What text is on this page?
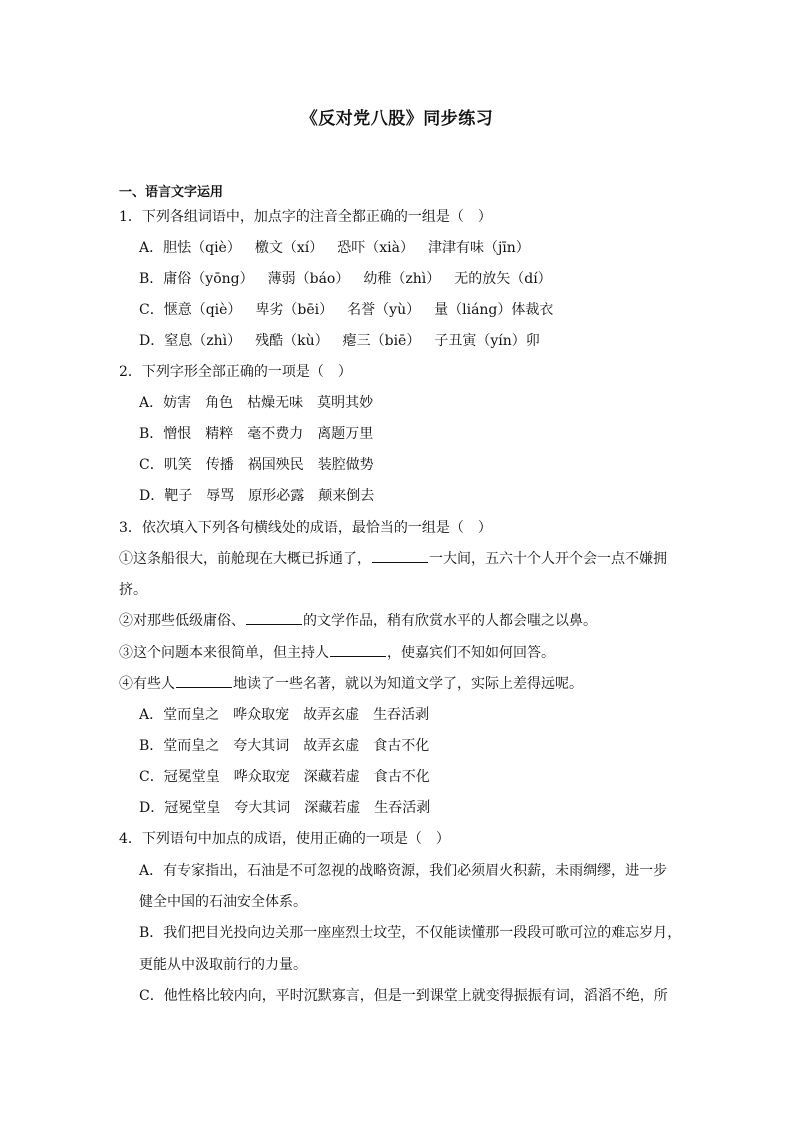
《反对党八股》同步练习
一、语言文字运用
1．下列各组词语中，加点字的注音全都正确的一组是（　）
A．胆怯（qiè） 檄文（xí） 恐吓（xià） 津津有味（jīn）
B．庸俗（yōng） 薄弱（báo） 幼稚（zhì） 无的放矢（dí）
C．惬意（qiè） 卑劣（bēi） 名誉（yù） 量（liáng）体裁衣
D．窒息（zhì） 残酷（kù） 瘪三（biē） 子丑寅（yín）卯
2．下列字形全部正确的一项是（　）
A．妨害 角色 枯燥无味 莫明其妙
B．憎恨 精粹 毫不费力 离题万里
C．叽笑 传播 祸国殃民 装腔做势
D．靶子 辱骂 原形必露 颠来倒去
3．依次填入下列各句横线处的成语，最恰当的一组是（　）
①这条船很大，前舱现在大概已拆通了，	一大间，五六十个人开个会一点不嫌拥
挤。
②对那些低级庸俗、	的文学作品，稍有欣赏水平的人都会嗤之以鼻。
③这个问题本来很简单，但主持人	，使嘉宾们不知如何回答。
④有些人	地读了一些名著，就以为知道文学了，实际上差得远呢。
A．堂而皇之 哗众取宠 故弄玄虚 生吞活剥
B．堂而皇之 夸大其词 故弄玄虚 食古不化
C．冠冕堂皇 哗众取宠 深藏若虚 食古不化
D．冠冕堂皇 夸大其词 深藏若虚 生吞活剥
4．下列语句中加点的成语，使用正确的一项是（　）
A．有专家指出，石油是不可忽视的战略资源，我们必须眉火积薪，未雨绸缪，进一步
健全中国的石油安全体系。
B．我们把目光投向边关那一座座烈士坟茔，不仅能读懂那一段段可歌可泣的难忘岁月，
更能从中汲取前行的力量。
C．他性格比较内向，平时沉默寡言，但是一到课堂上就变得振振有词，滔滔不绝，所
